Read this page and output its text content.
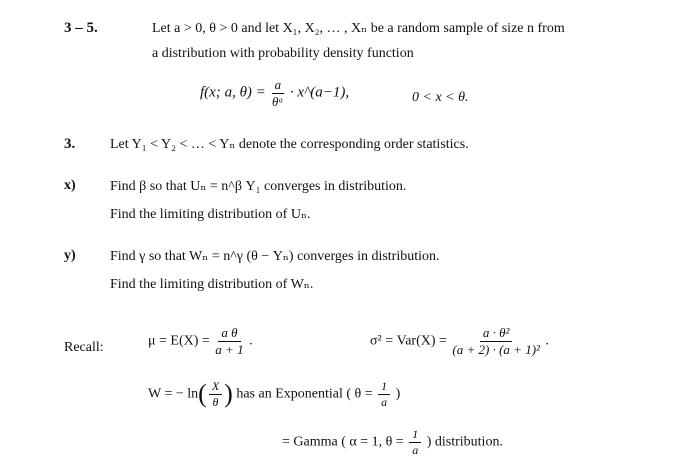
3 – 5.	Let a > 0, θ > 0 and let X₁, X₂, … , Xₙ be a random sample of size n from
a distribution with probability density function
f(x; a, $\theta) = \frac{a}{\text{θᵃ}}$ · x^(a−1),	0 < x < θ.
3. Let Y₁ < Y₂ < … < Yₙ denote the corresponding order statistics.
x) Find β so that Uₙ = n^β Y₁ converges in distribution.
Find the limiting distribution of Uₙ.
y) Find γ so that Wₙ = n^γ (θ − Yₙ) converges in distribution.
Find the limiting distribution of Wₙ.
Recall:	$\mu = E(X) = \frac{\text{a θ}}{a + 1}$ .	$\sigma^2 = Var(X) = \frac{\text{a · θ²}}{\text{(a + 2) · (a + 1)²}}$ .
W = − $\ln( \frac{X}{\theta}$ ) has an Exponential ( $\theta = \frac{1}{a}$ )
= Gamma ( α = 1, $\theta = \frac{1}{a}$ ) distribution.
